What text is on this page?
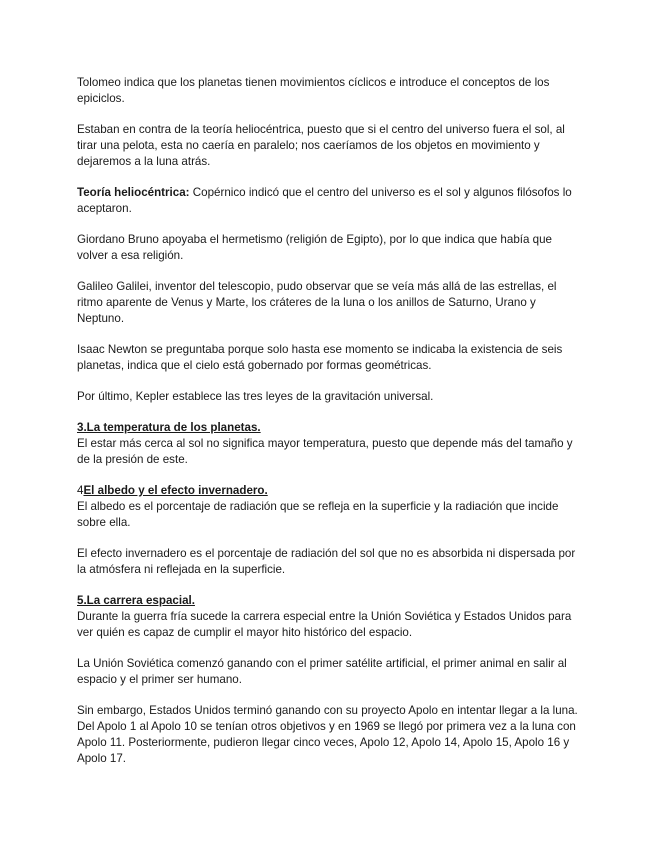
Tolomeo indica que los planetas tienen movimientos cíclicos e introduce el conceptos de los epiciclos.

Estaban en contra de la teoría heliocéntrica, puesto que si el centro del universo fuera el sol, al tirar una pelota, esta no caería en paralelo; nos caeríamos de los objetos en movimiento y dejaremos a la luna atrás.

Teoría heliocéntrica: Copérnico indicó que el centro del universo es el sol y algunos filósofos lo aceptaron.

Giordano Bruno apoyaba el hermetismo (religión de Egipto), por lo que indica que había que volver a esa religión.

Galileo Galilei, inventor del telescopio, pudo observar que se veía más allá de las estrellas, el ritmo aparente de Venus y Marte, los cráteres de la luna o los anillos de Saturno, Urano y Neptuno.

Isaac Newton se preguntaba porque solo hasta ese momento se indicaba la existencia de seis planetas, indica que el cielo está gobernado por formas geométricas.

Por último, Kepler establece las tres leyes de la gravitación universal.

3.La temperatura de los planetas.
El estar más cerca al sol no significa mayor temperatura, puesto que depende más del tamaño y de la presión de este.
4El albedo y el efecto invernadero.
El albedo es el porcentaje de radiación que se refleja en la superficie y la radiación que incide sobre ella.

El efecto invernadero es el porcentaje de radiación del sol que no es absorbida ni dispersada por la atmósfera ni reflejada en la superficie.

5.La carrera espacial.
Durante la guerra fría sucede la carrera especial entre la Unión Soviética y Estados Unidos para ver quién es capaz de cumplir el mayor hito histórico del espacio.

La Unión Soviética comenzó ganando con el primer satélite artificial, el primer animal en salir al espacio y el primer ser humano.

Sin embargo, Estados Unidos terminó ganando con su proyecto Apolo en intentar llegar a la luna. Del Apolo 1 al Apolo 10 se tenían otros objetivos y en 1969 se llegó por primera vez a la luna con Apolo 11. Posteriormente, pudieron llegar cinco veces, Apolo 12, Apolo 14, Apolo 15, Apolo 16 y Apolo 17.
